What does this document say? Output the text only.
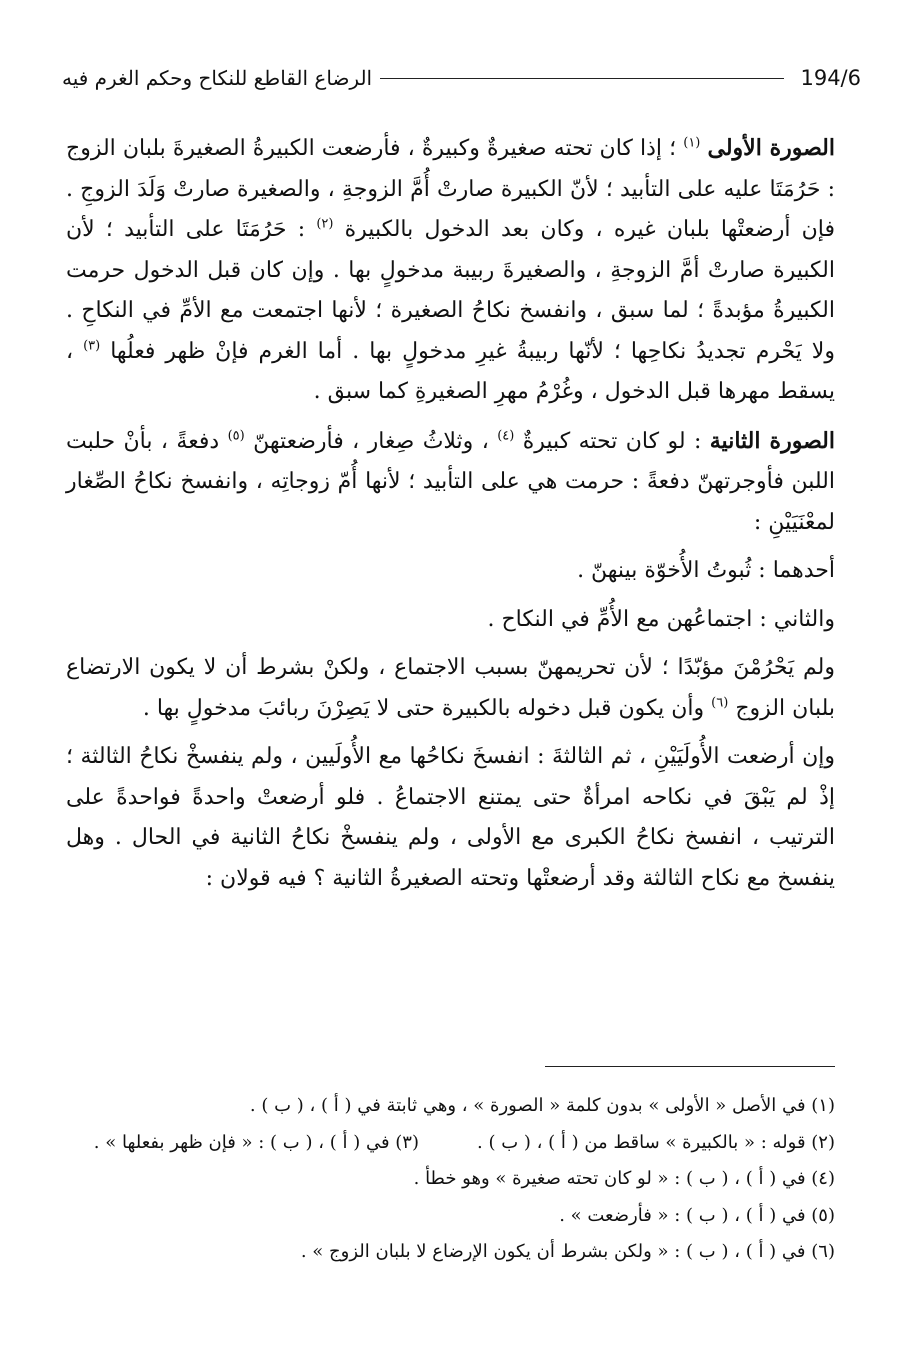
194/6
الرضاع القاطع للنكاح وحكم الغرم فيه

الصورة الأولى $^{(١)}$ ؛ إذا كان تحته صغيرةٌ وكبيرةٌ ، فأرضعت الكبيرةُ الصغيرةَ بلبان الزوج : حَرُمَتَا عليه على التأبيد ؛ لأنّ الكبيرة صارتْ أُمَّ الزوجةِ ، والصغيرة صارتْ وَلَدَ الزوجِ . فإن أرضعتْها بلبان غيره ، وكان بعد الدخول بالكبيرة $^{(٢)}$ : حَرُمَتَا على التأبيد ؛ لأن الكبيرة صارتْ أمَّ الزوجةِ ، والصغيرةَ ربيبة مدخولٍ بها . وإن كان قبل الدخول حرمت الكبيرةُ مؤبدةً ؛ لما سبق ، وانفسخ نكاحُ الصغيرة ؛ لأنها اجتمعت مع الأمِّ في النكاحِ . ولا يَحْرم تجديدُ نكاحِها ؛ لأنّها ربيبةُ غيرِ مدخولٍ بها . أما الغرم فإنْ ظهر فعلُها $^{(٣)}$ ، يسقط مهرها قبل الدخول ، وغُرْمُ مهرِ الصغيرةِ كما سبق .

الصورة الثانية : لو كان تحته كبيرةٌ $^{(٤)}$ ، وثلاثُ صِغار ، فأرضعتهنّ $^{(٥)}$ دفعةً ، بأنْ حلبت اللبن فأوجرتهنّ دفعةً : حرمت هي على التأبيد ؛ لأنها أُمّ زوجاتِه ، وانفسخ نكاحُ الصِّغار لمعْنَيَيْنِ :

أحدهما : ثُبوتُ الأُخوّة بينهنّ .

والثاني : اجتماعُهن مع الأُمِّ في النكاح .

ولم يَحْرُمْنَ مؤبّدًا ؛ لأن تحريمهنّ بسبب الاجتماع ، ولكنْ بشرط أن لا يكون الارتضاع بلبان الزوج $^{(٦)}$ وأن يكون قبل دخوله بالكبيرة حتى لا يَصِرْنَ ربائبَ مدخولٍ بها .

وإن أرضعت الأُولَيَيْنِ ، ثم الثالثةَ : انفسخَ نكاحُها مع الأُولَيين ، ولم ينفسخْ نكاحُ الثالثة ؛ إذْ لم يَبْقَ في نكاحه امرأةٌ حتى يمتنع الاجتماعُ . فلو أرضعتْ واحدةً فواحدةً على الترتيب ، انفسخ نكاحُ الكبرى مع الأولى ، ولم ينفسخْ نكاحُ الثانية في الحال . وهل ينفسخ مع نكاح الثالثة وقد أرضعتْها وتحته الصغيرةُ الثانية ؟ فيه قولان :

(١) في الأصل « الأولى » بدون كلمة « الصورة » ، وهي ثابتة في ( أ ) ، ( ب ) .
(٢) قوله : « بالكبيرة » ساقط من ( أ ) ، ( ب ) .
(٣) في ( أ ) ، ( ب ) : « فإن ظهر بفعلها » .
(٤) في ( أ ) ، ( ب ) : « لو كان تحته صغيرة » وهو خطأ .
(٥) في ( أ ) ، ( ب ) : « فأرضعت » .
(٦) في ( أ ) ، ( ب ) : « ولكن بشرط أن يكون الإرضاع لا بلبان الزوج » .
